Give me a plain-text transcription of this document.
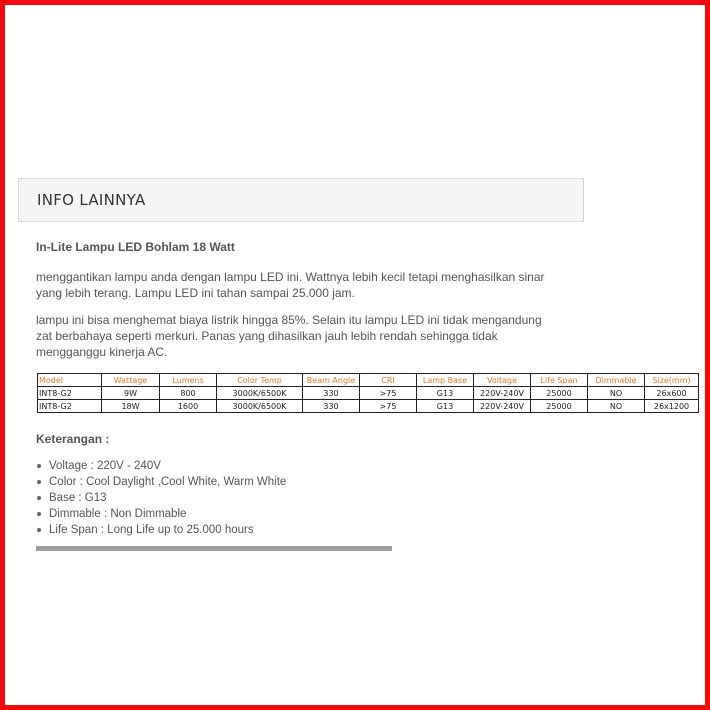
INFO LAINNYA
In-Lite Lampu LED Bohlam 18 Watt
menggantikan lampu anda dengan lampu LED ini. Wattnya lebih kecil tetapi menghasilkan sinar yang lebih terang. Lampu LED ini tahan sampai 25.000 jam.
lampu ini bisa menghemat biaya listrik hingga 85%. Selain itu lampu LED ini tidak mengandung zat berbahaya seperti merkuri. Panas yang dihasilkan jauh lebih rendah sehingga tidak mengganggu kinerja AC.
Model	Wattage	Lumens	Color Temp	Beam Angle	CRI	Lamp Base	Voltage	Life Span	Dimmable	Size(mm)
INT8-G2	9W	800	3000K/6500K	330	>75	G13	220V-240V	25000	NO	26x600
INT8-G2	18W	1600	3000K/6500K	330	>75	G13	220V-240V	25000	NO	26x1200
Keterangan :
Voltage : 220V - 240V
Color : Cool Daylight ,Cool White, Warm White
Base : G13
Dimmable : Non Dimmable
Life Span : Long Life up to 25.000 hours
